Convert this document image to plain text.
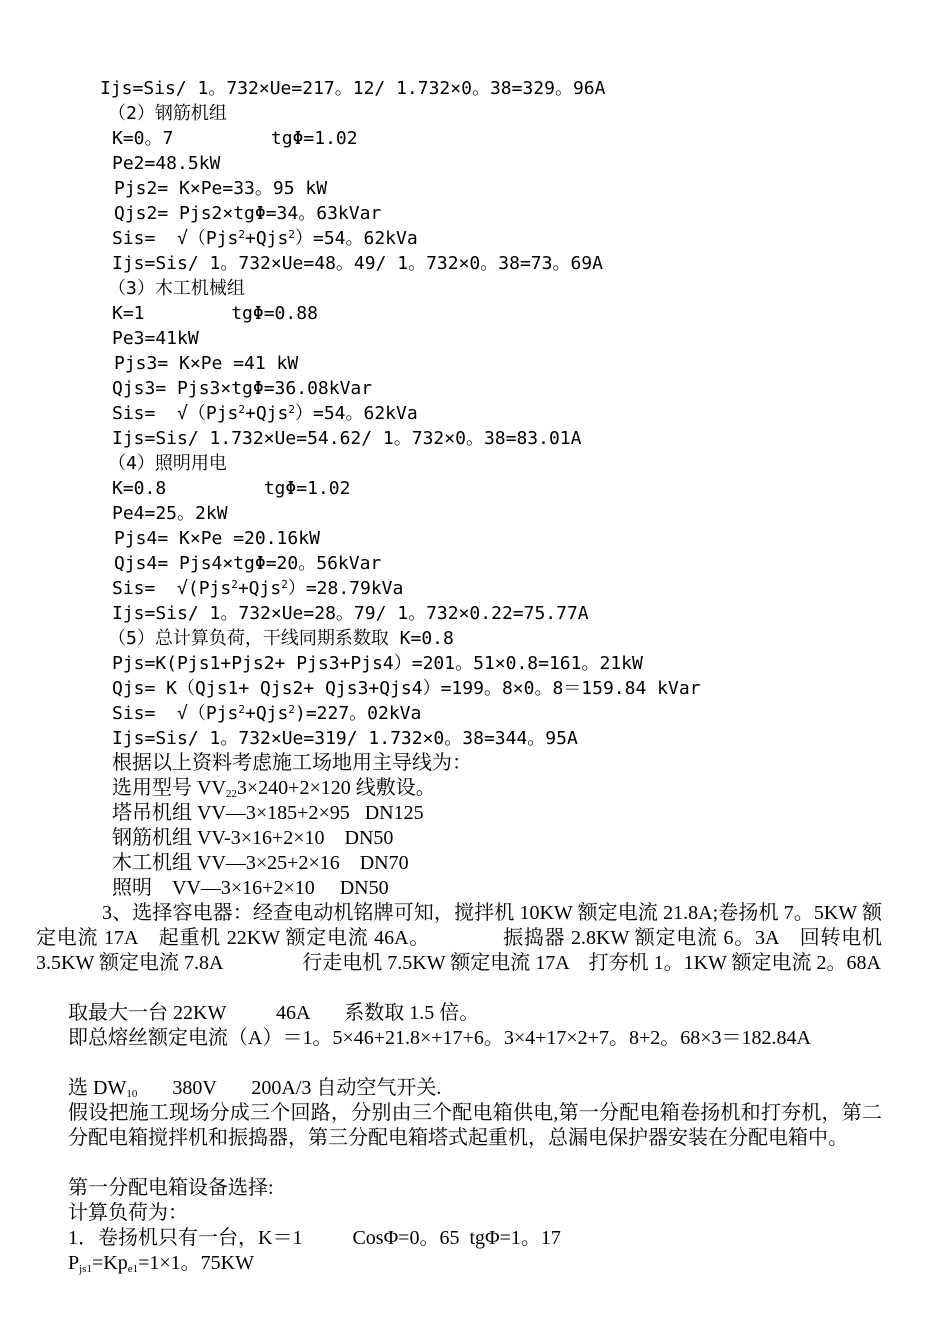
Ijs=Sis/ 1。732×Ue=217。12/ 1.732×0。38=329。96A
（2）钢筋机组
K=0。7         tgΦ=1.02
Pe2=48.5kW
Pjs2= K×Pe=33。95 kW
Qjs2= Pjs2×tgΦ=34。63kVar
Sis=  √（Pjs$^2$+Qjs$^2$）=54。62kVa
Ijs=Sis/ 1。732×Ue=48。49/ 1。732×0。38=73。69A
（3）木工机械组
K=1        tgΦ=0.88
Pe3=41kW
Pjs3= K×Pe =41 kW
Qjs3= Pjs3×tgΦ=36.08kVar
Sis=  √（Pjs$^2$+Qjs$^2$）=54。62kVa
Ijs=Sis/ 1.732×Ue=54.62/ 1。732×0。38=83.01A
（4）照明用电
K=0.8         tgΦ=1.02
Pe4=25。2kW
Pjs4= K×Pe =20.16kW
Qjs4= Pjs4×tgΦ=20。56kVar
Sis=  √(Pjs$^2$+Qjs$^2$）=28.79kVa
Ijs=Sis/ 1。732×Ue=28。79/ 1。732×0.22=75.77A
（5）总计算负荷，干线同期系数取 K=0.8
Pjs=K(Pjs1+Pjs2+ Pjs3+Pjs4）=201。51×0.8=161。21kW
Qjs= K（Qjs1+ Qjs2+ Qjs3+Qjs4）=199。8×0。8＝159.84 kVar
Sis=  √（Pjs$^2$+Qjs$^2$)=227。02kVa
Ijs=Sis/ 1。732×Ue=319/ 1.732×0。38=344。95A
根据以上资料考虑施工场地用主导线为：
选用型号 $VV_{22}3\times 240+2\times 120$ 线敷设。
塔吊机组 VV—3×185+2×95   DN125
钢筋机组 VV-3×16+2×10    DN50
木工机组 VV—3×25+2×16    DN70
照明    VV—3×16+2×10     DN50
3、选择容电器：经查电动机铭牌可知，搅拌机 10KW 额定电流 21.8A;卷扬机 7。5KW 额定电流 17A　起重机 22KW 额定电流 46A。　　　　振捣器 2.8KW 额定电流 6。3A　回转电机 3.5KW 额定电流 7.8A　　　　行走电机 7.5KW 额定电流 17A　打夯机 1。1KW 额定电流 2。68A
取最大一台 22KW          46A       系数取 1.5 倍。
即总熔丝额定电流（A）＝1。5×46+21.8×+17+6。3×4+17×2+7。8+2。68×3＝182.84A
选 $DW_{10}$       380V       200A/3 自动空气开关.
假设把施工现场分成三个回路，分别由三个配电箱供电,第一分配电箱卷扬机和打夯机，第二分配电箱搅拌机和振捣器，第三分配电箱塔式起重机，总漏电保护器安装在分配电箱中。
第一分配电箱设备选择:
计算负荷为：
1．卷扬机只有一台，K＝1          CosΦ=0。65  tgΦ=1。17
$P_{js1}=Kp_{e1}=1\times 1$。75KW
